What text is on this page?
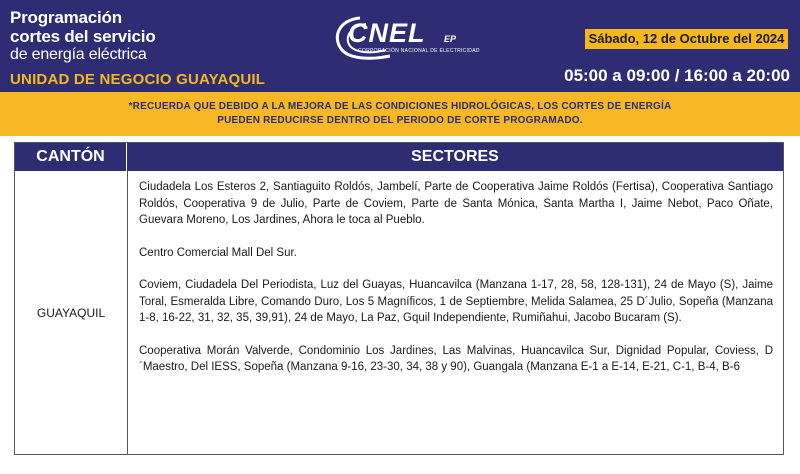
Programación
cortes del servicio
de energía eléctrica
UNIDAD DE NEGOCIO GUAYAQUIL
CNEL EP
CORPORACIÓN NACIONAL DE ELECTRICIDAD
Sábado, 12 de Octubre del 2024
05:00 a 09:00 / 16:00 a 20:00
*RECUERDA QUE DEBIDO A LA MEJORA DE LAS CONDICIONES HIDROLÓGICAS, LOS CORTES DE ENERGÍA
PUEDEN REDUCIRSE DENTRO DEL PERIODO DE CORTE PROGRAMADO.
CANTÓN	SECTORES
GUAYAQUIL

Ciudadela Los Esteros 2, Santiaguito Roldós, Jambelí, Parte de Cooperativa Jaime Roldós (Fertisa), Cooperativa Santiago Roldós, Cooperativa 9 de Julio, Parte de Coviem, Parte de Santa Mónica, Santa Martha I, Jaime Nebot, Paco Oñate, Guevara Moreno, Los Jardines, Ahora le toca al Pueblo.

Centro Comercial Mall Del Sur.

Coviem, Ciudadela Del Periodista, Luz del Guayas, Huancavilca (Manzana 1-17, 28, 58, 128-131), 24 de Mayo (S), Jaime Toral, Esmeralda Libre, Comando Duro, Los 5 Magníficos, 1 de Septiembre, Melida Salamea, 25 D´Julio, Sopeña (Manzana 1-8, 16-22, 31, 32, 35, 39,91), 24 de Mayo, La Paz, Gquil Independiente, Rumiñahui, Jacobo Bucaram (S).

Cooperativa Morán Valverde, Condominio Los Jardines, Las Malvinas, Huancavilca Sur, Dignidad Popular, Coviess, D´Maestro, Del IESS, Sopeña (Manzana 9-16, 23-30, 34, 38 y 90), Guangala (Manzana E-1 a E-14, E-21, C-1, B-4, B-6
